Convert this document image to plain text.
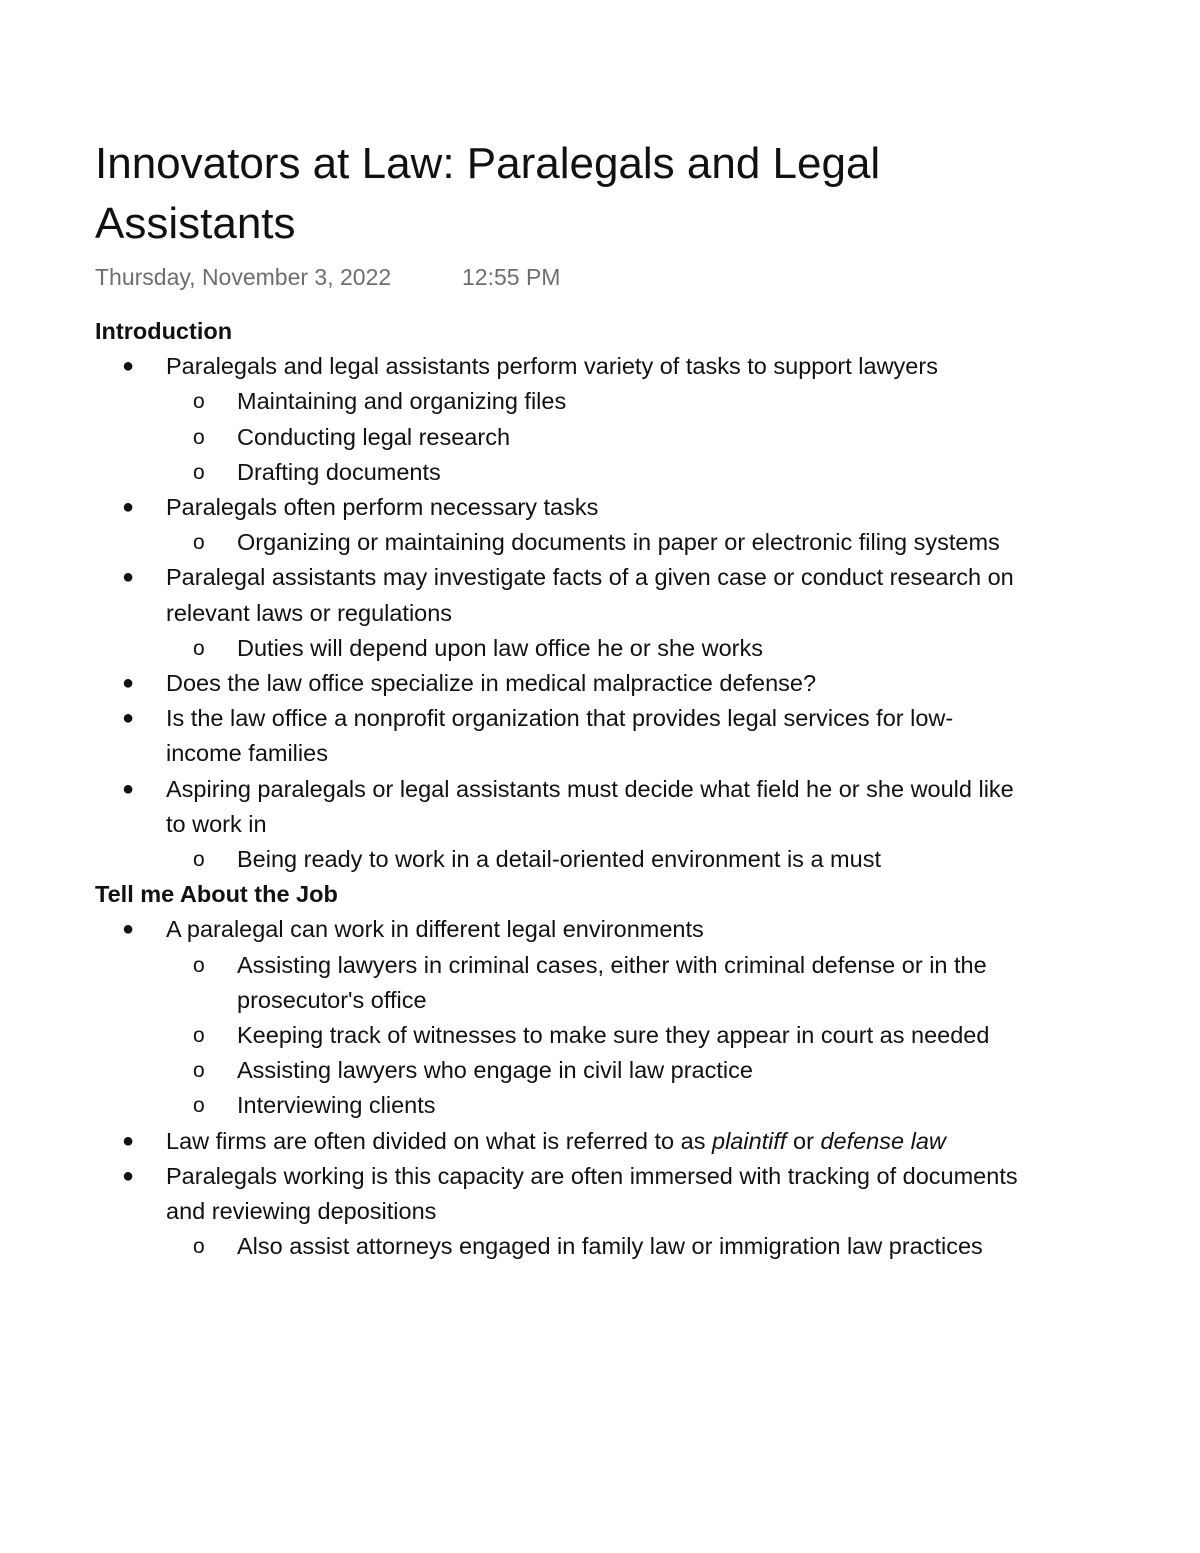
Innovators at Law: Paralegals and Legal Assistants
Thursday, November 3, 2022	12:55 PM
Introduction
● Paralegals and legal assistants perform variety of tasks to support lawyers
o Maintaining and organizing files
o Conducting legal research
o Drafting documents
● Paralegals often perform necessary tasks
o Organizing or maintaining documents in paper or electronic filing systems
● Paralegal assistants may investigate facts of a given case or conduct research on relevant laws or regulations
o Duties will depend upon law office he or she works
● Does the law office specialize in medical malpractice defense?
● Is the law office a nonprofit organization that provides legal services for low-income families
● Aspiring paralegals or legal assistants must decide what field he or she would like to work in
o Being ready to work in a detail-oriented environment is a must
Tell me About the Job
● A paralegal can work in different legal environments
o Assisting lawyers in criminal cases, either with criminal defense or in the prosecutor's office
o Keeping track of witnesses to make sure they appear in court as needed
o Assisting lawyers who engage in civil law practice
o Interviewing clients
● Law firms are often divided on what is referred to as plaintiff or defense law
● Paralegals working is this capacity are often immersed with tracking of documents and reviewing depositions
o Also assist attorneys engaged in family law or immigration law practices
